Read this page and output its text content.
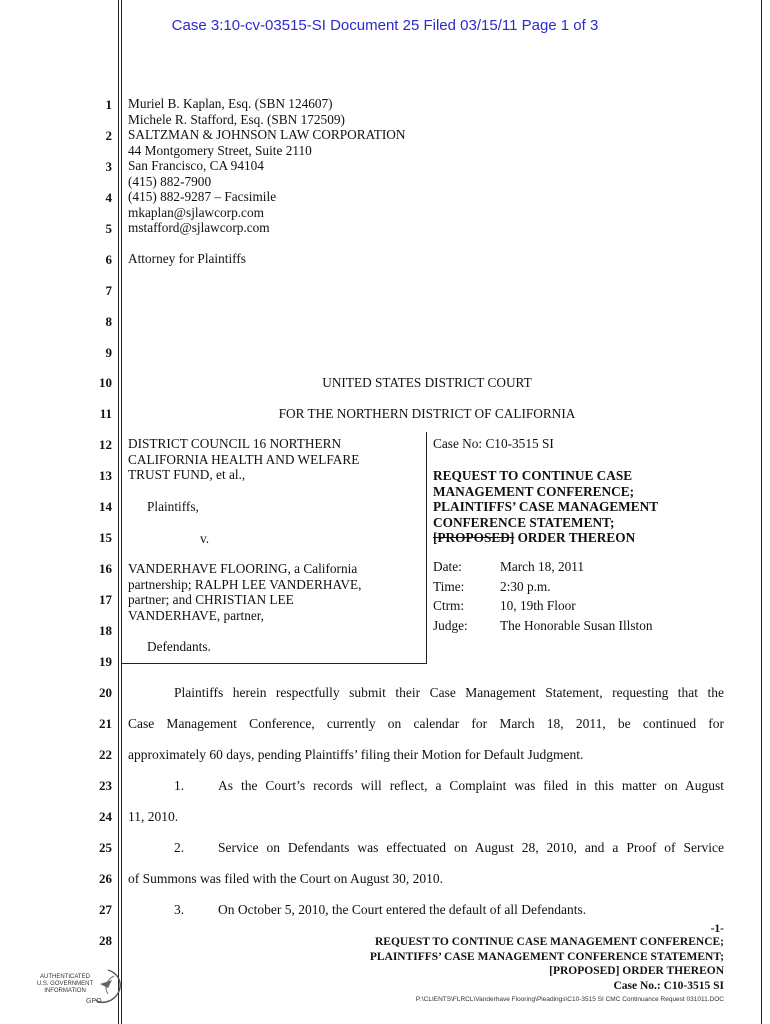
Case 3:10-cv-03515-SI Document 25 Filed 03/15/11 Page 1 of 3
1
2
3
4
5
6
7
8
9
10
11
12
13
14
15
16
17
18
19
20
21
22
23
24
25
26
27
28
Muriel B. Kaplan, Esq. (SBN 124607)
Michele R. Stafford, Esq. (SBN 172509)
SALTZMAN & JOHNSON LAW CORPORATION
44 Montgomery Street, Suite 2110
San Francisco, CA 94104
(415) 882-7900
(415) 882-9287 – Facsimile
mkaplan@sjlawcorp.com
mstafford@sjlawcorp.com
Attorney for Plaintiffs
UNITED STATES DISTRICT COURT
FOR THE NORTHERN DISTRICT OF CALIFORNIA
DISTRICT COUNCIL 16 NORTHERN
CALIFORNIA HEALTH AND WELFARE
TRUST FUND, et al.,
Plaintiffs,
v.
VANDERHAVE FLOORING, a California
partnership; RALPH LEE VANDERHAVE,
partner; and CHRISTIAN LEE
VANDERHAVE, partner,
Defendants.
Case No: C10-3515 SI
REQUEST TO CONTINUE CASE
MANAGEMENT CONFERENCE;
PLAINTIFFS’ CASE MANAGEMENT
CONFERENCE STATEMENT;
[PROPOSED] ORDER THEREON
Date:	March 18, 2011
Time:	2:30 p.m.
Ctrm:	10, 19th Floor
Judge:	The Honorable Susan Illston
Plaintiffs herein respectfully submit their Case Management Statement, requesting that the
Case Management Conference, currently on calendar for March 18, 2011, be continued for
approximately 60 days, pending Plaintiffs’ filing their Motion for Default Judgment.
1.	As the Court’s records will reflect, a Complaint was filed in this matter on August
11, 2010.
2.	Service on Defendants was effectuated on August 28, 2010, and a Proof of Service
of Summons was filed with the Court on August 30, 2010.
3.	On October 5, 2010, the Court entered the default of all Defendants.
-1-
REQUEST TO CONTINUE CASE MANAGEMENT CONFERENCE;
PLAINTIFFS’ CASE MANAGEMENT CONFERENCE STATEMENT;
[PROPOSED] ORDER THEREON
Case No.: C10-3515 SI
P:\CLIENTS\FLRCL\Vanderhave Flooring\Pleadings\C10-3515 SI CMC Continuance Request 031011.DOC
AUTHENTICATED
U.S. GOVERNMENT
INFORMATION
GPO
